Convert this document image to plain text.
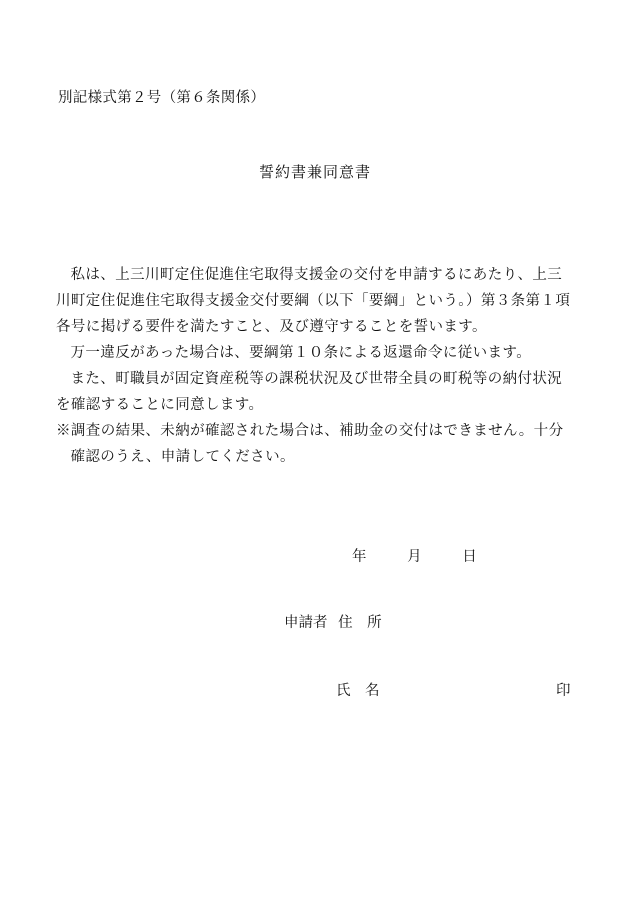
別記様式第２号（第６条関係）
誓約書兼同意書

私は、上三川町定住促進住宅取得支援金の交付を申請するにあたり、上三川町定住促進住宅取得支援金交付要綱（以下「要綱」という。）第３条第１項各号に掲げる要件を満たすこと、及び遵守することを誓います。

万一違反があった場合は、要綱第１０条による返還命令に従います。

また、町職員が固定資産税等の課税状況及び世帯全員の町税等の納付状況を確認することに同意します。

※調査の結果、未納が確認された場合は、補助金の交付はできません。十分確認のうえ、申請してください。

年	月	日
申請者 住　所
氏　名	印
